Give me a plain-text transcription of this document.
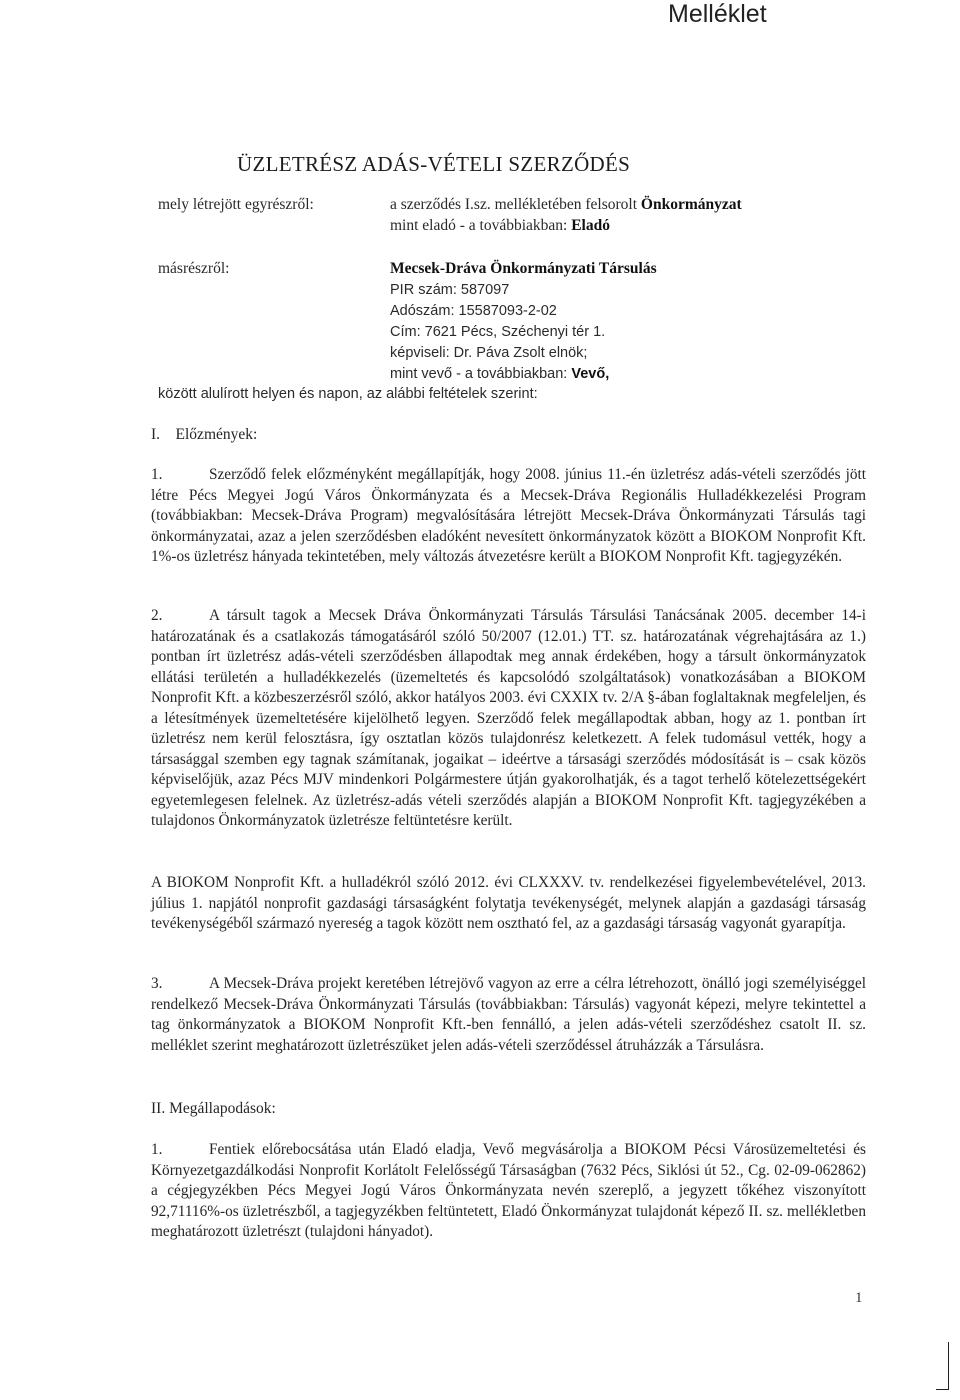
Melléklet
ÜZLETRÉSZ ADÁS-VÉTELI SZERZŐDÉS
mely létrejött egyrészről:	a szerződés I.sz. mellékletében felsorolt Önkormányzat
mint eladó - a továbbiakban: Eladó
másrészről:	Mecsek-Dráva Önkormányzati Társulás
PIR szám: 587097
Adószám: 15587093-2-02
Cím: 7621 Pécs, Széchenyi tér 1.
képviseli: Dr. Páva Zsolt elnök;
mint vevő - a továbbiakban: Vevő,
között alulírott helyen és napon, az alábbi feltételek szerint:
I.    Előzmények:
1.	Szerződő felek előzményként megállapítják, hogy 2008. június 11.-én üzletrész adás-vételi szerződés jött létre Pécs Megyei Jogú Város Önkormányzata és a Mecsek-Dráva Regionális Hulladékkezelési Program (továbbiakban: Mecsek-Dráva Program) megvalósítására létrejött Mecsek-Dráva Önkormányzati Társulás tagi önkormányzatai, azaz a jelen szerződésben eladóként nevesített önkormányzatok között a BIOKOM Nonprofit Kft. 1%-os üzletrész hányada tekintetében, mely változás átvezetésre került a BIOKOM Nonprofit Kft. tagjegyzékén.
2.	A társult tagok a Mecsek Dráva Önkormányzati Társulás Társulási Tanácsának 2005. december 14-i határozatának és a csatlakozás támogatásáról szóló 50/2007 (12.01.) TT. sz. határozatának végrehajtására az 1.) pontban írt üzletrész adás-vételi szerződésben állapodtak meg annak érdekében, hogy a társult önkormányzatok ellátási területén a hulladékkezelés (üzemeltetés és kapcsolódó szolgáltatások) vonatkozásában a BIOKOM Nonprofit Kft. a közbeszerzésről szóló, akkor hatályos 2003. évi CXXIX tv. 2/A §-ában foglaltaknak megfeleljen, és a létesítmények üzemeltetésére kijelölhető legyen. Szerződő felek megállapodtak abban, hogy az 1. pontban írt üzletrész nem kerül felosztásra, így osztatlan közös tulajdonrész keletkezett. A felek tudomásul vették, hogy a társasággal szemben egy tagnak számítanak, jogaikat – ideértve a társasági szerződés módosítását is – csak közös képviselőjük, azaz Pécs MJV mindenkori Polgármestere útján gyakorolhatják, és a tagot terhelő kötelezettségekért egyetemlegesen felelnek. Az üzletrész-adás vételi szerződés alapján a BIOKOM Nonprofit Kft. tagjegyzékében a tulajdonos Önkormányzatok üzletrésze feltüntetésre került.
A BIOKOM Nonprofit Kft. a hulladékról szóló 2012. évi CLXXXV. tv. rendelkezései figyelembevételével, 2013. július 1. napjától nonprofit gazdasági társaságként folytatja tevékenységét, melynek alapján a gazdasági társaság tevékenységéből származó nyereség a tagok között nem osztható fel, az a gazdasági társaság vagyonát gyarapítja.
3.	A Mecsek-Dráva projekt keretében létrejövő vagyon az erre a célra létrehozott, önálló jogi személyiséggel rendelkező Mecsek-Dráva Önkormányzati Társulás (továbbiakban: Társulás) vagyonát képezi, melyre tekintettel a tag önkormányzatok a BIOKOM Nonprofit Kft.-ben fennálló, a jelen adás-vételi szerződéshez csatolt II. sz. melléklet szerint meghatározott üzletrészüket jelen adás-vételi szerződéssel átruházzák a Társulásra.
II. Megállapodások:
1.	Fentiek előrebocsátása után Eladó eladja, Vevő megvásárolja a BIOKOM Pécsi Városüzemeltetési és Környezetgazdálkodási Nonprofit Korlátolt Felelősségű Társaságban (7632 Pécs, Siklósi út 52., Cg. 02-09-062862) a cégjegyzékben Pécs Megyei Jogú Város Önkormányzata nevén szereplő, a jegyzett tőkéhez viszonyított 92,71116%-os üzletrészből, a tagjegyzékben feltüntetett, Eladó Önkormányzat tulajdonát képező II. sz. mellékletben meghatározott üzletrészt (tulajdoni hányadot).
1
